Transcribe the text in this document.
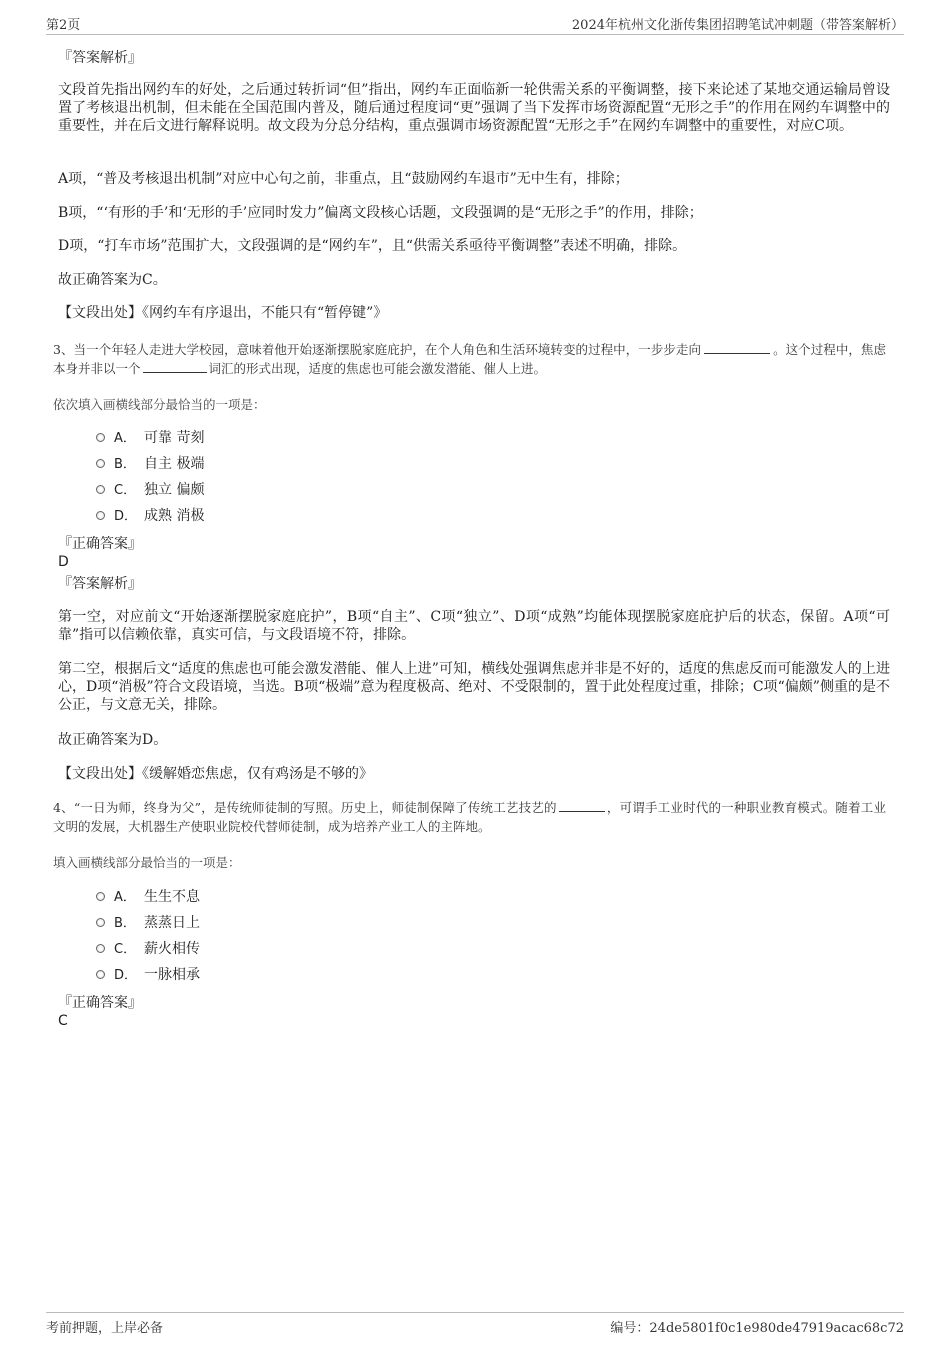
第2页	2024年杭州文化浙传集团招聘笔试冲刺题（带答案解析）
『答案解析』

文段首先指出网约车的好处，之后通过转折词“但”指出，网约车正面临新一轮供需关系的平衡调整，接下来论述了某地交通运输局曾设置了考核退出机制，但未能在全国范围内普及，随后通过程度词“更”强调了当下发挥市场资源配置“无形之手”的作用在网约车调整中的重要性，并在后文进行解释说明。故文段为分总分结构，重点强调市场资源配置“无形之手”在网约车调整中的重要性，对应C项。

A项，“普及考核退出机制”对应中心句之前，非重点，且“鼓励网约车退市”无中生有，排除；

B项，“‘有形的手’和‘无形的手’应同时发力”偏离文段核心话题，文段强调的是“无形之手”的作用，排除；

D项，“打车市场”范围扩大，文段强调的是“网约车”，且“供需关系亟待平衡调整”表述不明确，排除。

故正确答案为C。

【文段出处】《网约车有序退出，不能只有“暂停键”》

3、当一个年轻人走进大学校园，意味着他开始逐渐摆脱家庭庇护，在个人角色和生活环境转变的过程中，一步步走向	。这个过程中，焦虑本身并非以一个	词汇的形式出现，适度的焦虑也可能会激发潜能、催人上进。

依次填入画横线部分最恰当的一项是：

A． 可靠 苛刻
B． 自主 极端
C． 独立 偏颇
D． 成熟 消极
『正确答案』
D
『答案解析』

第一空，对应前文“开始逐渐摆脱家庭庇护”，B项“自主”、C项“独立”、D项“成熟”均能体现摆脱家庭庇护后的状态，保留。A项“可靠”指可以信赖依靠，真实可信，与文段语境不符，排除。

第二空，根据后文“适度的焦虑也可能会激发潜能、催人上进”可知，横线处强调焦虑并非是不好的，适度的焦虑反而可能激发人的上进心，D项“消极”符合文段语境，当选。B项“极端”意为程度极高、绝对、不受限制的，置于此处程度过重，排除；C项“偏颇”侧重的是不公正，与文意无关，排除。

故正确答案为D。

【文段出处】《缓解婚恋焦虑，仅有鸡汤是不够的》

4、“一日为师，终身为父”，是传统师徒制的写照。历史上，师徒制保障了传统工艺技艺的	，可谓手工业时代的一种职业教育模式。随着工业文明的发展，大机器生产使职业院校代替师徒制，成为培养产业工人的主阵地。

填入画横线部分最恰当的一项是：

A． 生生不息
B． 蒸蒸日上
C． 薪火相传
D． 一脉相承
『正确答案』
C
考前押题，上岸必备	编号：24de5801f0c1e980de47919acac68c72
